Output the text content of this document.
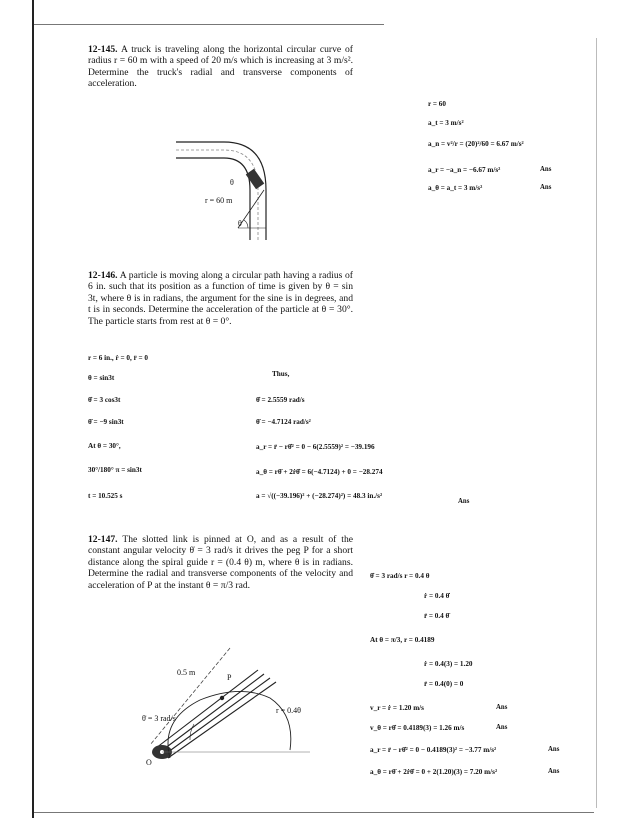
12-145. A truck is traveling along the horizontal circular curve of radius r = 60 m with a speed of 20 m/s which is increasing at 3 m/s². Determine the truck's radial and transverse components of acceleration.
r = 60
a_t = 3 m/s²
a_n = v²/r = (20)²/60 = 6.67 m/s²
a_r = −a_n = −6.67 m/s²	Ans
a_θ = a_t = 3 m/s²	Ans
θ
r = 60 m
θ
12-146. A particle is moving along a circular path having a radius of 6 in. such that its position as a function of time is given by θ = sin 3t, where θ is in radians, the argument for the sine is in degrees, and t is in seconds. Determine the acceleration of the particle at θ = 30°. The particle starts from rest at θ = 0°.
r = 6 in., ṙ = 0, r̈ = 0
θ = sin3t
θ̇ = 3 cos3t
θ̈ = −9 sin3t
At θ = 30°,
30°/180° π = sin3t
t = 10.525 s
Thus,
θ̇ = 2.5559 rad/s
θ̈ = −4.7124 rad/s²
a_r = r̈ − rθ̇² = 0 − 6(2.5559)² = −39.196
a_θ = rθ̈ + 2ṙθ̇ = 6(−4.7124) + 0 = −28.274
a = √((−39.196)² + (−28.274)²) = 48.3 in./s²
Ans
12-147. The slotted link is pinned at O, and as a result of the constant angular velocity θ̇ = 3 rad/s it drives the peg P for a short distance along the spiral guide r = (0.4 θ) m, where θ is in radians. Determine the radial and transverse components of the velocity and acceleration of P at the instant θ = π/3 rad.
θ̇ = 3 rad/s r = 0.4 θ
ṙ = 0.4 θ̇
r̈ = 0.4 θ̈
At θ = π/3, r = 0.4189
ṙ = 0.4(3) = 1.20
r̈ = 0.4(0) = 0
v_r = ṙ = 1.20 m/s	Ans
v_θ = rθ̇ = 0.4189(3) = 1.26 m/s	Ans
a_r = r̈ − rθ̇² = 0 − 0.4189(3)² = −3.77 m/s²	Ans
a_θ = rθ̈ + 2ṙθ̇ = 0 + 2(1.20)(3) = 7.20 m/s²	Ans
0.5 m
P
θ̇ = 3 rad/s
r = 0.4θ
O
